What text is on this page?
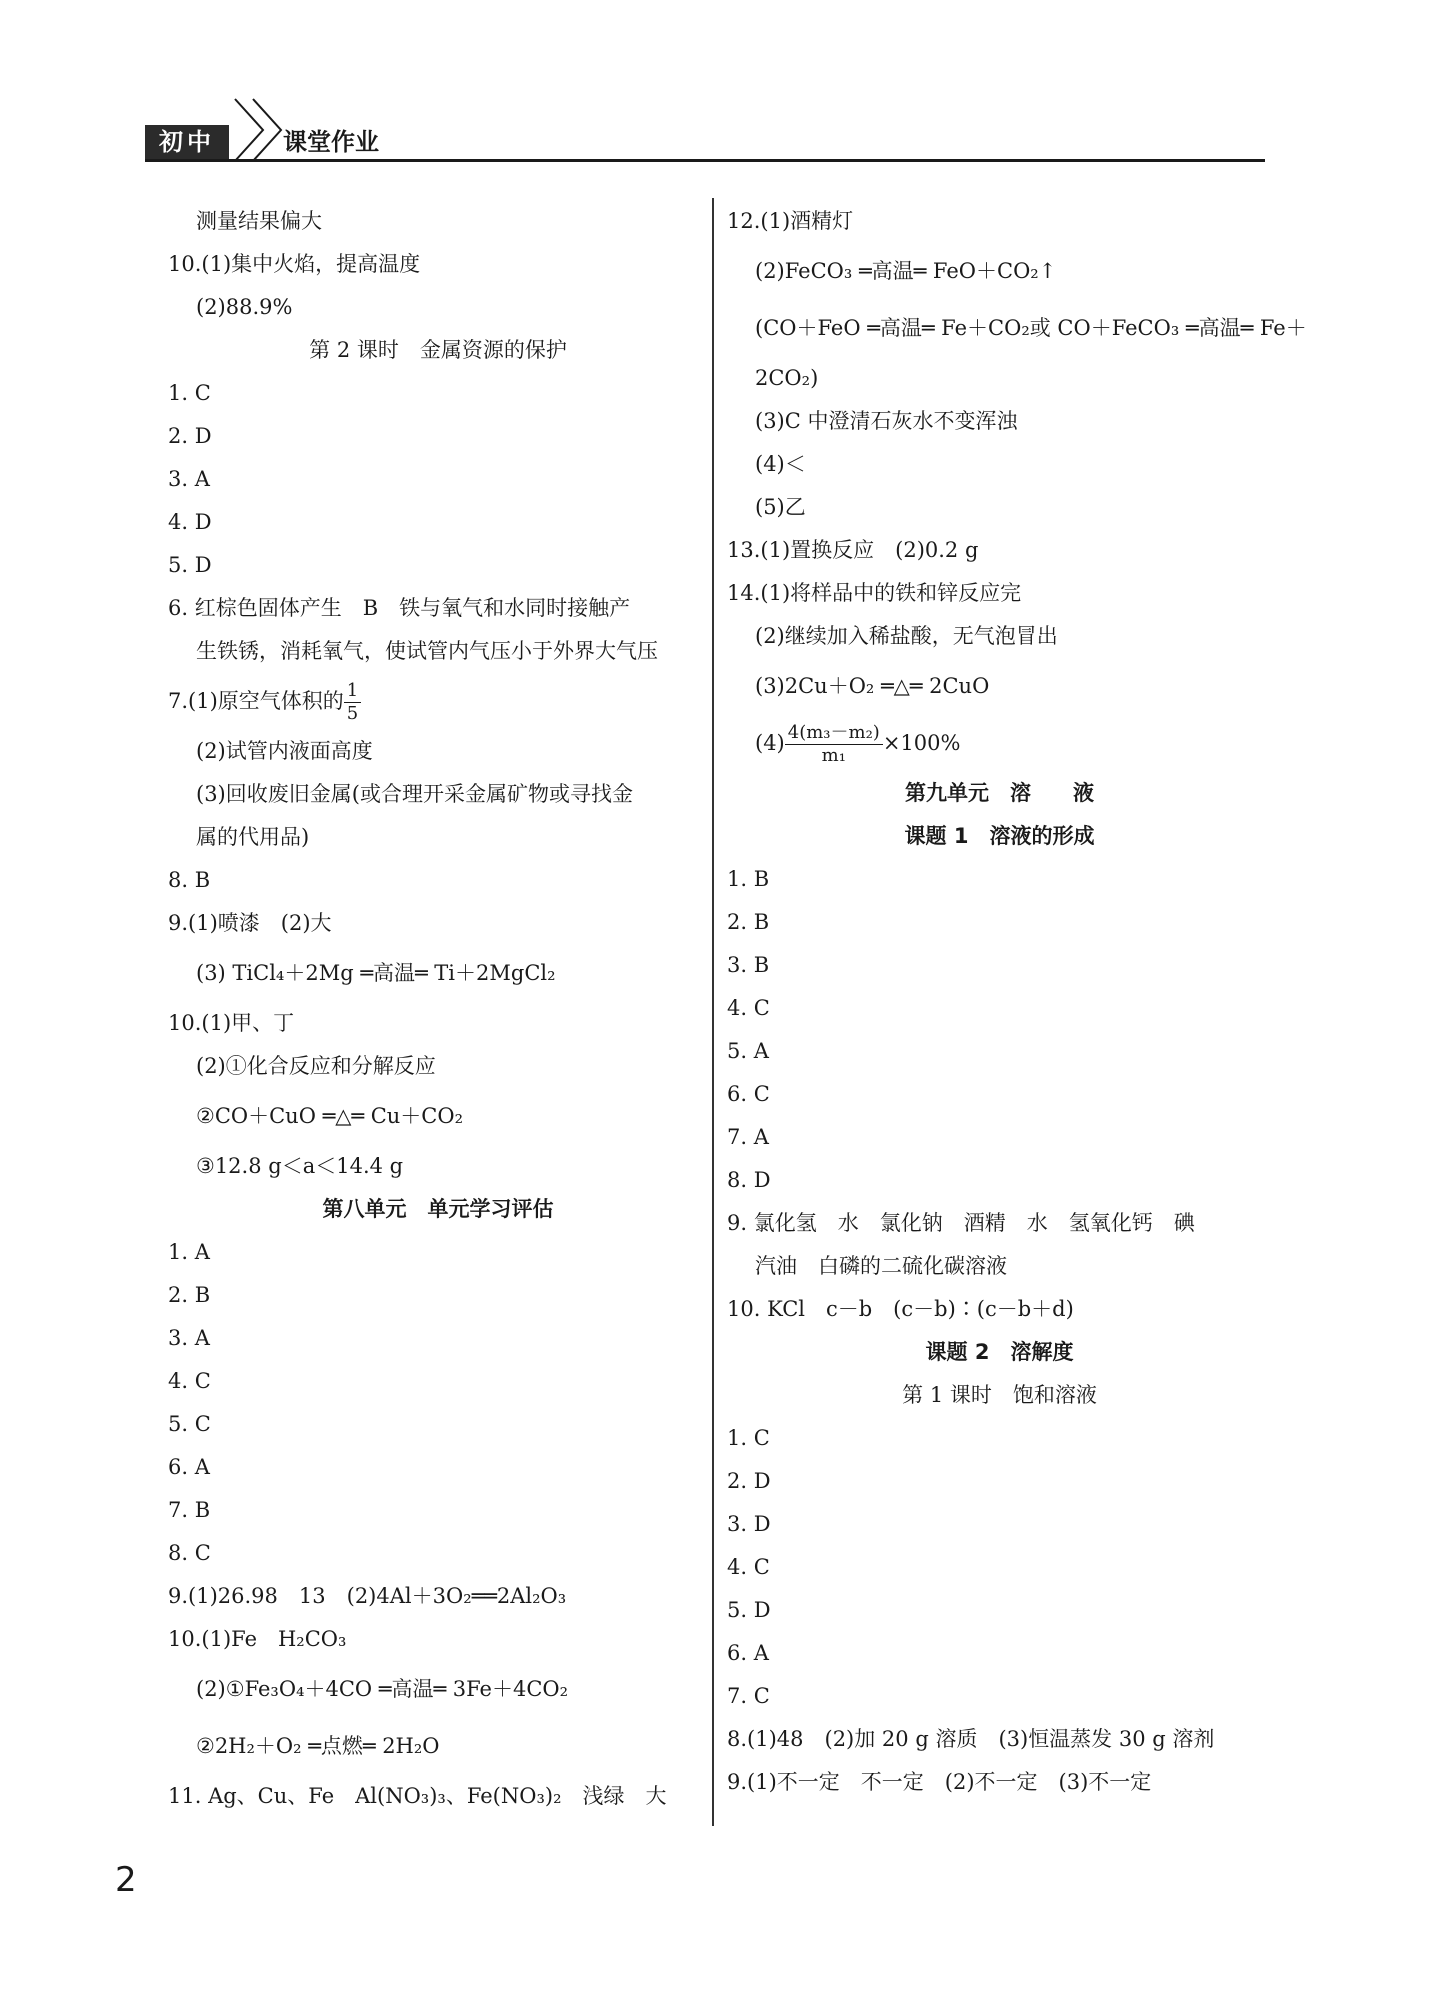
初中	课堂作业
测量结果偏大
10.(1)集中火焰，提高温度
(2)88.9%
第 2 课时　金属资源的保护
1. C
2. D
3. A
4. D
5. D
6. 红棕色固体产生　B　铁与氧气和水同时接触产
生铁锈，消耗氧气，使试管内气压小于外界大气压
7.(1)原空气体积的 $\frac{1}{5}$
(2)试管内液面高度
(3)回收废旧金属(或合理开采金属矿物或寻找金
属的代用品)
8. B
9.(1)喷漆　(2)大
(3) TiCl₄＋2Mg ═高温═ Ti＋2MgCl₂
10.(1)甲、丁
(2)①化合反应和分解反应
②CO＋CuO ═△═ Cu＋CO₂
③12.8 g＜a＜14.4 g
第八单元　单元学习评估
1. A
2. B
3. A
4. C
5. C
6. A
7. B
8. C
9.(1)26.98　13　(2)4Al＋3O₂══2Al₂O₃
10.(1)Fe　H₂CO₃
(2)①Fe₃O₄＋4CO ═高温═ 3Fe＋4CO₂
②2H₂＋O₂ ═点燃═ 2H₂O
11. Ag、Cu、Fe　Al(NO₃)₃、Fe(NO₃)₂　浅绿　大
12.(1)酒精灯
(2)FeCO₃ ═高温═ FeO＋CO₂↑
(CO＋FeO ═高温═ Fe＋CO₂或 CO＋FeCO₃ ═高温═ Fe＋
2CO₂)
(3)C 中澄清石灰水不变浑浊
(4)＜
(5)乙
13.(1)置换反应　(2)0.2 g
14.(1)将样品中的铁和锌反应完
(2)继续加入稀盐酸，无气泡冒出
(3)2Cu＋O₂ ═△═ 2CuO
$(4) \frac{\text{4(m₃－m₂)}}{\text{m₁}} \times 100\%$
第九单元　溶　　液
课题 1　溶液的形成
1. B
2. B
3. B
4. C
5. A
6. C
7. A
8. D
9. 氯化氢　水　氯化钠　酒精　水　氢氧化钙　碘
汽油　白磷的二硫化碳溶液
10. KCl　c－b　(c－b)∶(c－b＋d)
课题 2　溶解度
第 1 课时　饱和溶液
1. C
2. D
3. D
4. C
5. D
6. A
7. C
8.(1)48　(2)加 20 g 溶质　(3)恒温蒸发 30 g 溶剂
9.(1)不一定　不一定　(2)不一定　(3)不一定
2
